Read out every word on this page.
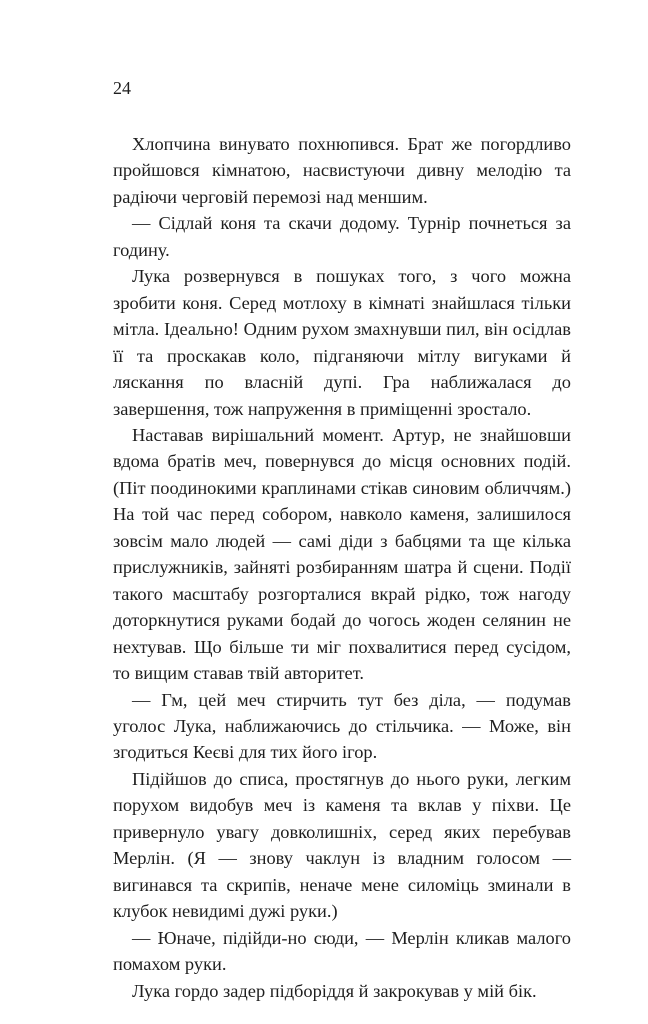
24

Хлопчина винувато похнюпився. Брат же погордливо пройшовся кімнатою, насвистуючи дивну мелодію та радіючи черговій перемозі над меншим.

— Сідлай коня та скачи додому. Турнір почнеться за годину.

Лука розвернувся в пошуках того, з чого можна зробити коня. Серед мотлоху в кімнаті знайшлася тільки мітла. Ідеально! Одним рухом змахнувши пил, він осідлав її та проскакав коло, підганяючи мітлу вигуками й ляскання по власній дупі. Гра наближалася до завершення, тож напруження в приміщенні зростало.

Наставав вирішальний момент. Артур, не знайшовши вдома братів меч, повернувся до місця основних подій. (Піт поодинокими краплинами стікав синовим обличчям.) На той час перед собором, навколо каменя, залишилося зовсім мало людей — самі діди з бабцями та ще кілька прислужників, зайняті розбиранням шатра й сцени. Події такого масштабу розгорталися вкрай рідко, тож нагоду доторкнутися руками бодай до чогось жоден селянин не нехтував. Що більше ти міг похвалитися перед сусідом, то вищим ставав твій авторитет.

— Гм, цей меч стирчить тут без діла, — подумав уголос Лука, наближаючись до стільчика. — Може, він згодиться Кеєві для тих його ігор.

Підійшов до списа, простягнув до нього руки, легким порухом видобув меч із каменя та вклав у піхви. Це привернуло увагу довколишніх, серед яких перебував Мерлін. (Я — знову чаклун із владним голосом — вигинався та скрипів, неначе мене силоміць зминали в клубок невидимі дужі руки.)

— Юначе, підійди-но сюди, — Мерлін кликав малого помахом руки.

Лука гордо задер підборіддя й закрокував у мій бік.
